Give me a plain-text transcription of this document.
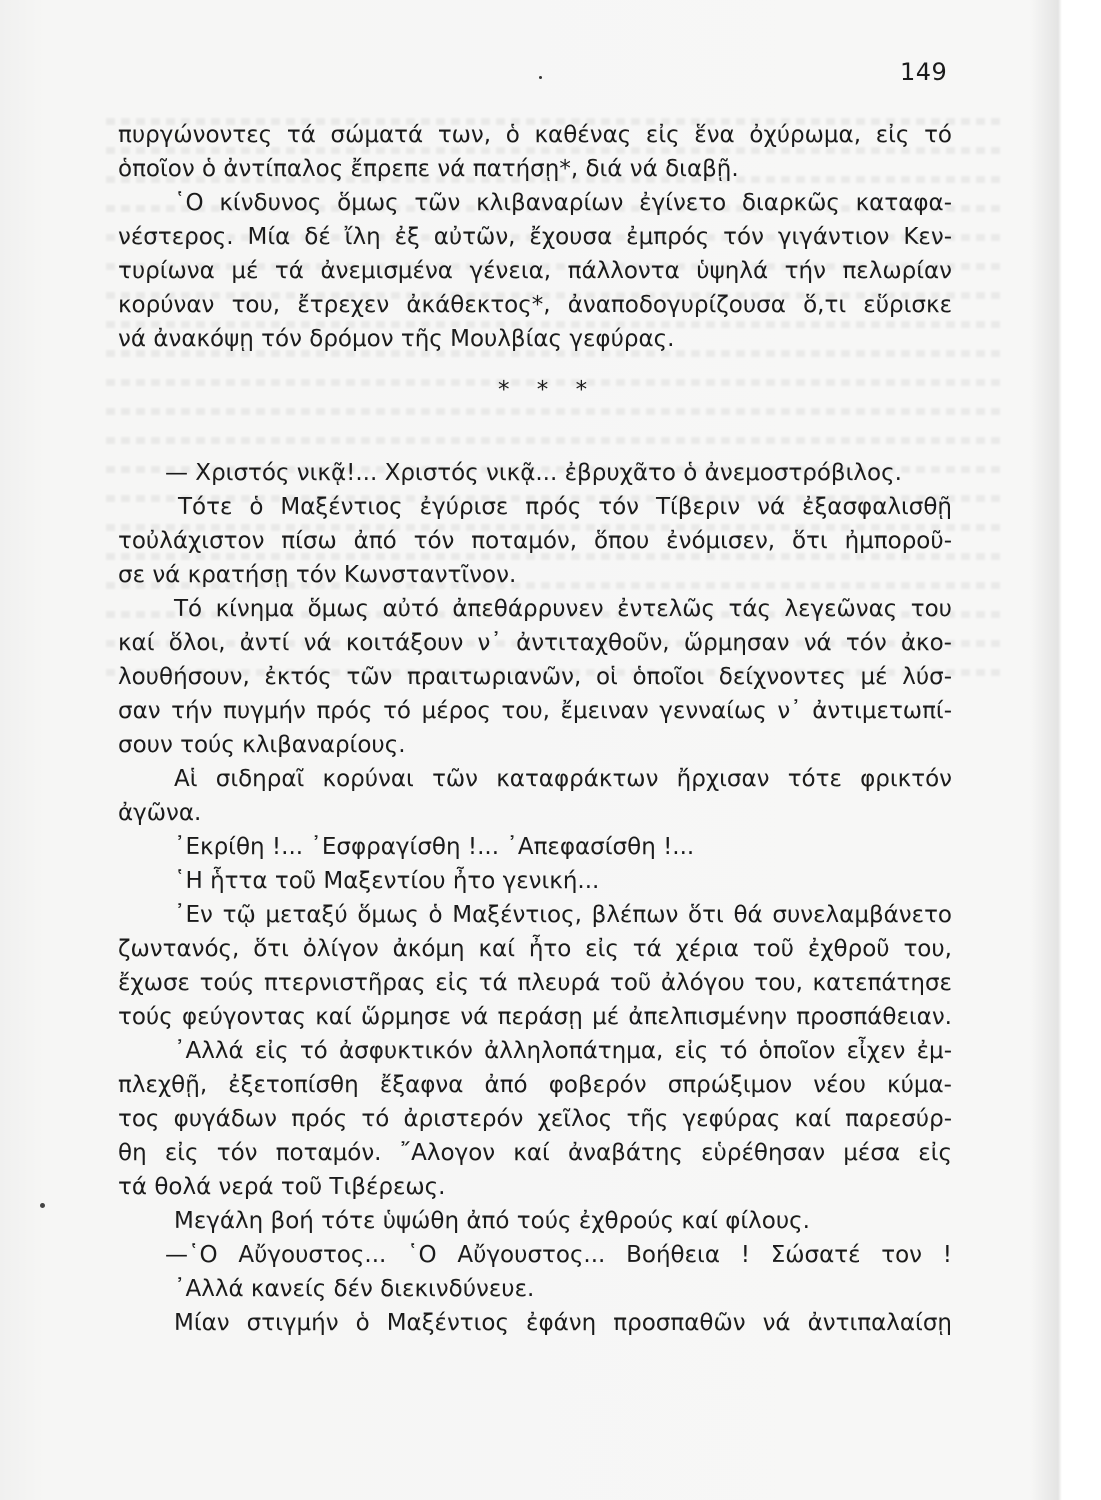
149
πυργώνοντες τά σώματά των, ὁ καθένας εἰς ἕνα ὀχύρωμα, εἰς τό
ὁποῖον ὁ ἀντίπαλος ἔπρεπε νά πατήσῃ*, διά νά διαβῇ.
῾Ο κίνδυνος ὅμως τῶν κλιβαναρίων ἐγίνετο διαρκῶς καταφα-
νέστερος. Μία δέ ἴλη ἐξ αὐτῶν, ἔχουσα ἐμπρός τόν γιγάντιον Κεν-
τυρίωνα μέ τά ἀνεμισμένα γένεια, πάλλοντα ὑψηλά τήν πελωρίαν
κορύναν του, ἔτρεχεν ἀκάθεκτος*, ἀναποδογυρίζουσα ὅ,τι εὕρισκε
νά ἀνακόψῃ τόν δρόμον τῆς Μουλβίας γεφύρας.
* * *
— Χριστός νικᾷ!... Χριστός νικᾷ... ἐβρυχᾶτο ὁ ἀνεμοστρόβιλος.
Τότε ὁ Μαξέντιος ἐγύρισε πρός τόν Τίβεριν νά ἐξασφαλισθῇ
τοὐλάχιστον πίσω ἀπό τόν ποταμόν, ὅπου ἐνόμισεν, ὅτι ἠμποροῦ-
σε νά κρατήσῃ τόν Κωνσταντῖνον.
Τό κίνημα ὅμως αὐτό ἀπεθάρρυνεν ἐντελῶς τάς λεγεῶνας του
καί ὅλοι, ἀντί νά κοιτάξουν ν᾽ ἀντιταχθοῦν, ὥρμησαν νά τόν ἀκο-
λουθήσουν, ἐκτός τῶν πραιτωριανῶν, οἱ ὁποῖοι δείχνοντες μέ λύσ-
σαν τήν πυγμήν πρός τό μέρος του, ἔμειναν γενναίως ν᾽ ἀντιμετωπί-
σουν τούς κλιβαναρίους.
Αἱ σιδηραῖ κορύναι τῶν καταφράκτων ἤρχισαν τότε φρικτόν
ἀγῶνα.
᾽Εκρίθη !... ᾽Εσφραγίσθη !... ᾽Απεφασίσθη !...
῾Η ἧττα τοῦ Μαξεντίου ἦτο γενική...
᾽Εν τῷ μεταξύ ὅμως ὁ Μαξέντιος, βλέπων ὅτι θά συνελαμβάνετο
ζωντανός, ὅτι ὀλίγον ἀκόμη καί ἦτο εἰς τά χέρια τοῦ ἐχθροῦ του,
ἔχωσε τούς πτερνιστῆρας εἰς τά πλευρά τοῦ ἀλόγου του, κατεπάτησε
τούς φεύγοντας καί ὥρμησε νά περάσῃ μέ ἀπελπισμένην προσπάθειαν.
᾽Αλλά εἰς τό ἀσφυκτικόν ἀλληλοπάτημα, εἰς τό ὁποῖον εἶχεν ἐμ-
πλεχθῇ, ἐξετοπίσθη ἔξαφνα ἀπό φοβερόν σπρώξιμον νέου κύμα-
τος φυγάδων πρός τό ἀριστερόν χεῖλος τῆς γεφύρας καί παρεσύρ-
θη εἰς τόν ποταμόν. ῎Αλογον καί ἀναβάτης εὑρέθησαν μέσα εἰς
τά θολά νερά τοῦ Τιβέρεως.
Μεγάλη βοή τότε ὑψώθη ἀπό τούς ἐχθρούς καί φίλους.
—῾Ο Αὔγουστος... ῾Ο Αὔγουστος... Βοήθεια ! Σώσατέ τον !
᾽Αλλά κανείς δέν διεκινδύνευε.
Μίαν στιγμήν ὁ Μαξέντιος ἐφάνη προσπαθῶν νά ἀντιπαλαίσῃ
